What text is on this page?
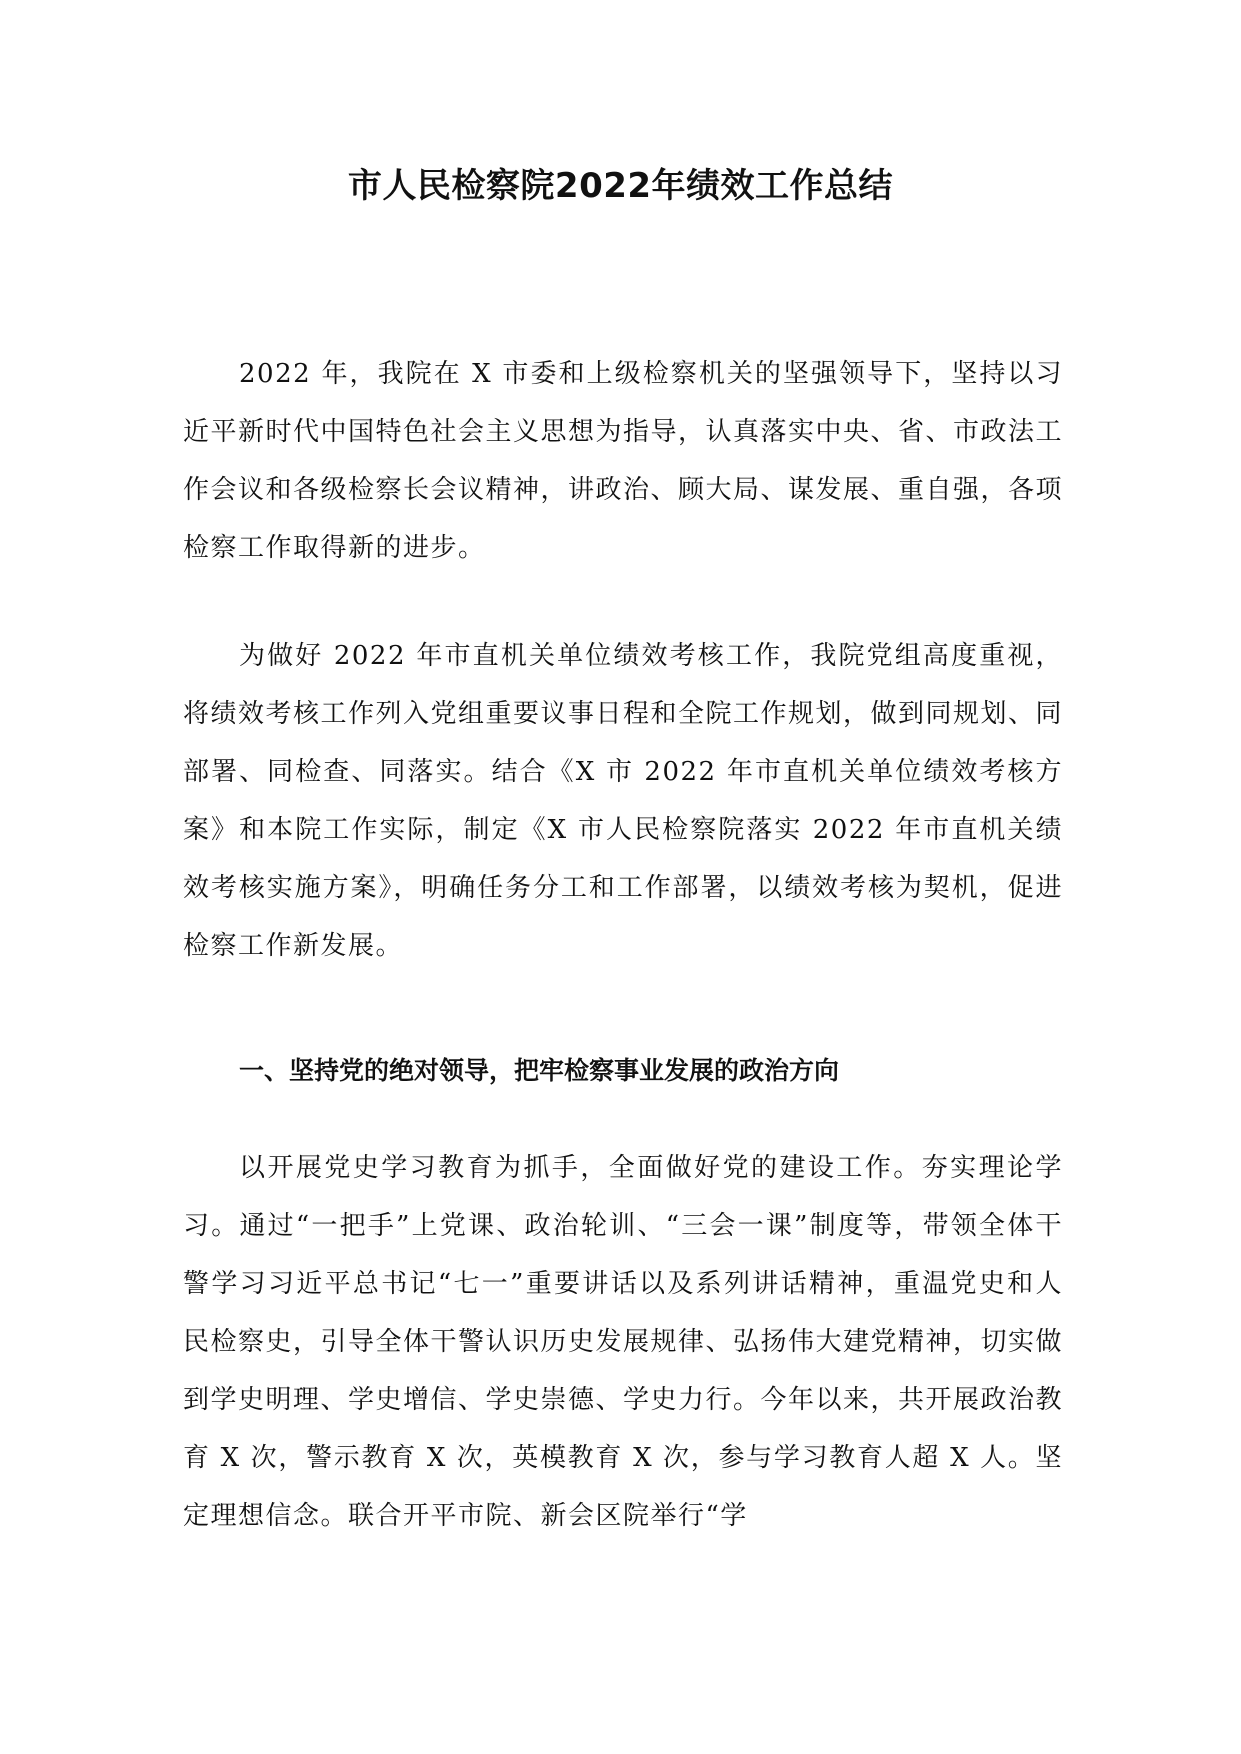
市人民检察院2022年绩效工作总结

2022 年，我院在 X 市委和上级检察机关的坚强领导下，坚持以习近平新时代中国特色社会主义思想为指导，认真落实中央、省、市政法工作会议和各级检察长会议精神，讲政治、顾大局、谋发展、重自强，各项检察工作取得新的进步。

为做好 2022 年市直机关单位绩效考核工作，我院党组高度重视，将绩效考核工作列入党组重要议事日程和全院工作规划，做到同规划、同部署、同检查、同落实。结合《X 市 2022 年市直机关单位绩效考核方案》和本院工作实际，制定《X 市人民检察院落实 2022 年市直机关绩效考核实施方案》，明确任务分工和工作部署，以绩效考核为契机，促进检察工作新发展。

一、坚持党的绝对领导，把牢检察事业发展的政治方向

以开展党史学习教育为抓手，全面做好党的建设工作。夯实理论学习。通过“一把手”上党课、政治轮训、“三会一课”制度等，带领全体干警学习习近平总书记“七一”重要讲话以及系列讲话精神，重温党史和人民检察史，引导全体干警认识历史发展规律、弘扬伟大建党精神，切实做到学史明理、学史增信、学史崇德、学史力行。今年以来，共开展政治教育 X 次，警示教育 X 次，英模教育 X 次，参与学习教育人超 X 人。坚定理想信念。联合开平市院、新会区院举行“学
